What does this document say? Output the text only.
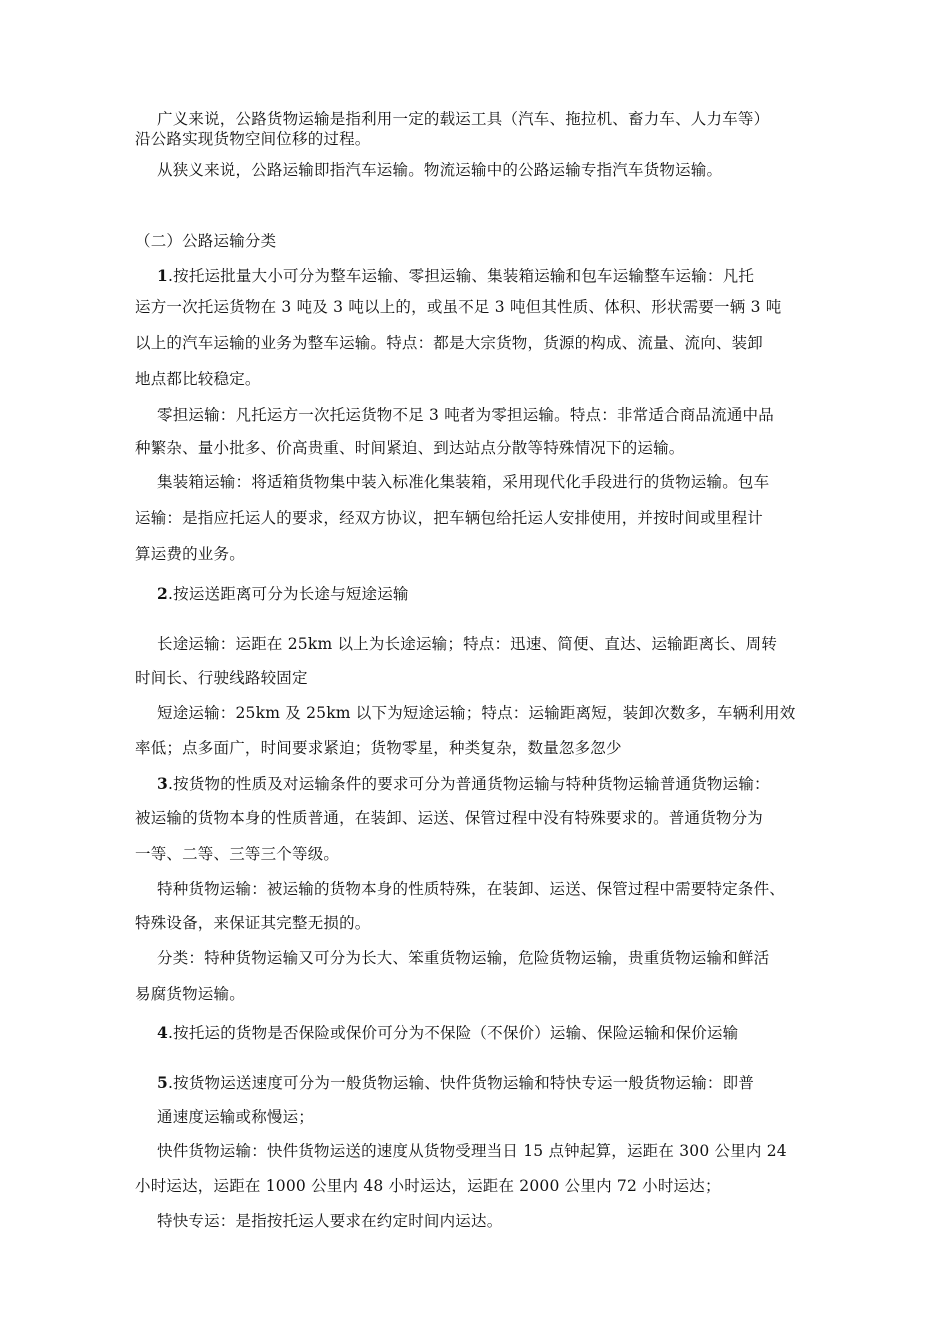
广义来说，公路货物运输是指利用一定的载运工具（汽车、拖拉机、畜力车、人力车等）
沿公路实现货物空间位移的过程。
从狭义来说，公路运输即指汽车运输。物流运输中的公路运输专指汽车货物运输。
（二）公路运输分类
1.按托运批量大小可分为整车运输、零担运输、集装箱运输和包车运输整车运输：凡托
运方一次托运货物在 3 吨及 3 吨以上的，或虽不足 3 吨但其性质、体积、形状需要一辆 3 吨
以上的汽车运输的业务为整车运输。特点：都是大宗货物，货源的构成、流量、流向、装卸
地点都比较稳定。
零担运输：凡托运方一次托运货物不足 3 吨者为零担运输。特点：非常适合商品流通中品
种繁杂、量小批多、价高贵重、时间紧迫、到达站点分散等特殊情况下的运输。
集装箱运输：将适箱货物集中装入标准化集装箱，采用现代化手段进行的货物运输。包车
运输：是指应托运人的要求，经双方协议，把车辆包给托运人安排使用，并按时间或里程计
算运费的业务。
2.按运送距离可分为长途与短途运输
长途运输：运距在 25km 以上为长途运输；特点：迅速、简便、直达、运输距离长、周转
时间长、行驶线路较固定
短途运输：25km 及 25km 以下为短途运输；特点：运输距离短，装卸次数多，车辆利用效
率低；点多面广，时间要求紧迫；货物零星，种类复杂，数量忽多忽少
3.按货物的性质及对运输条件的要求可分为普通货物运输与特种货物运输普通货物运输：
被运输的货物本身的性质普通，在装卸、运送、保管过程中没有特殊要求的。普通货物分为
一等、二等、三等三个等级。
特种货物运输：被运输的货物本身的性质特殊，在装卸、运送、保管过程中需要特定条件、
特殊设备，来保证其完整无损的。
分类：特种货物运输又可分为长大、笨重货物运输，危险货物运输，贵重货物运输和鲜活
易腐货物运输。
4.按托运的货物是否保险或保价可分为不保险（不保价）运输、保险运输和保价运输
5.按货物运送速度可分为一般货物运输、快件货物运输和特快专运一般货物运输：即普
通速度运输或称慢运；
快件货物运输：快件货物运送的速度从货物受理当日 15 点钟起算，运距在 300 公里内 24
小时运达，运距在 1000 公里内 48 小时运达，运距在 2000 公里内 72 小时运达；
特快专运：是指按托运人要求在约定时间内运达。
